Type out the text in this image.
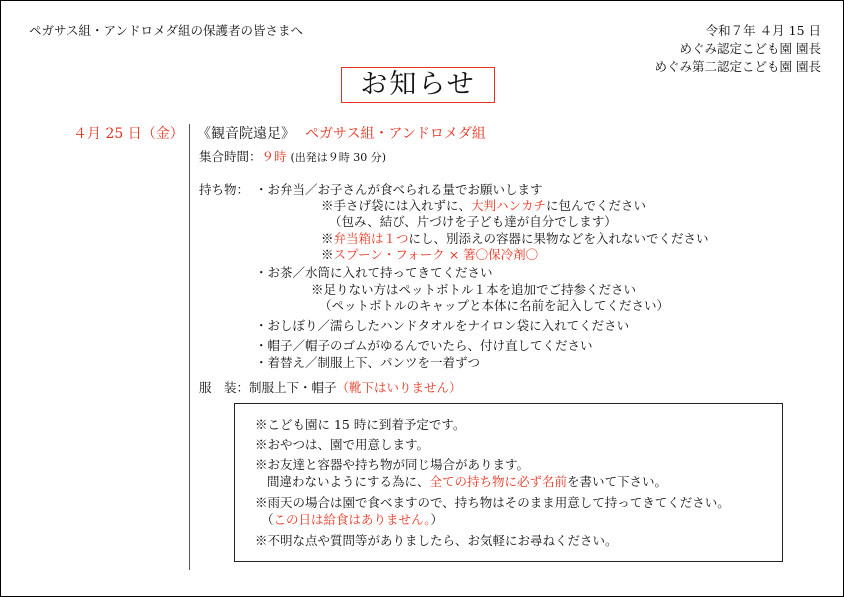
ペガサス組・アンドロメダ組の保護者の皆さまへ	令和７年 ４月 15 日
めぐみ認定こども園 園長
めぐみ第二認定こども園 園長
お知らせ
４月 25 日（金） 《観音院遠足》 ペガサス組・アンドロメダ組
集合時間：９時 (出発は９時 30 分)
持ち物： ・お弁当／お子さんが食べられる量でお願いします
※手さげ袋には入れずに、大判ハンカチに包んでください
（包み、結び、片づけを子ども達が自分でします）
※弁当箱は１つにし、別添えの容器に果物などを入れないでください
※スプーン・フォーク × 箸〇保冷剤〇
・お茶／水筒に入れて持ってきてください
※足りない方はペットボトル１本を追加でご持参ください
（ペットボトルのキャップと本体に名前を記入してください）
・おしぼり／濡らしたハンドタオルをナイロン袋に入れてください
・帽子／帽子のゴムがゆるんでいたら、付け直してください
・着替え／制服上下、パンツを一着ずつ
服　装：制服上下・帽子（靴下はいりません）
※こども園に 15 時に到着予定です。
※おやつは、園で用意します。
※お友達と容器や持ち物が同じ場合があります。
間違わないようにする為に、全ての持ち物に必ず名前を書いて下さい。
※雨天の場合は園で食べますので、持ち物はそのまま用意して持ってきてください。
（この日は給食はありません。）
※不明な点や質問等がありましたら、お気軽にお尋ねください。
